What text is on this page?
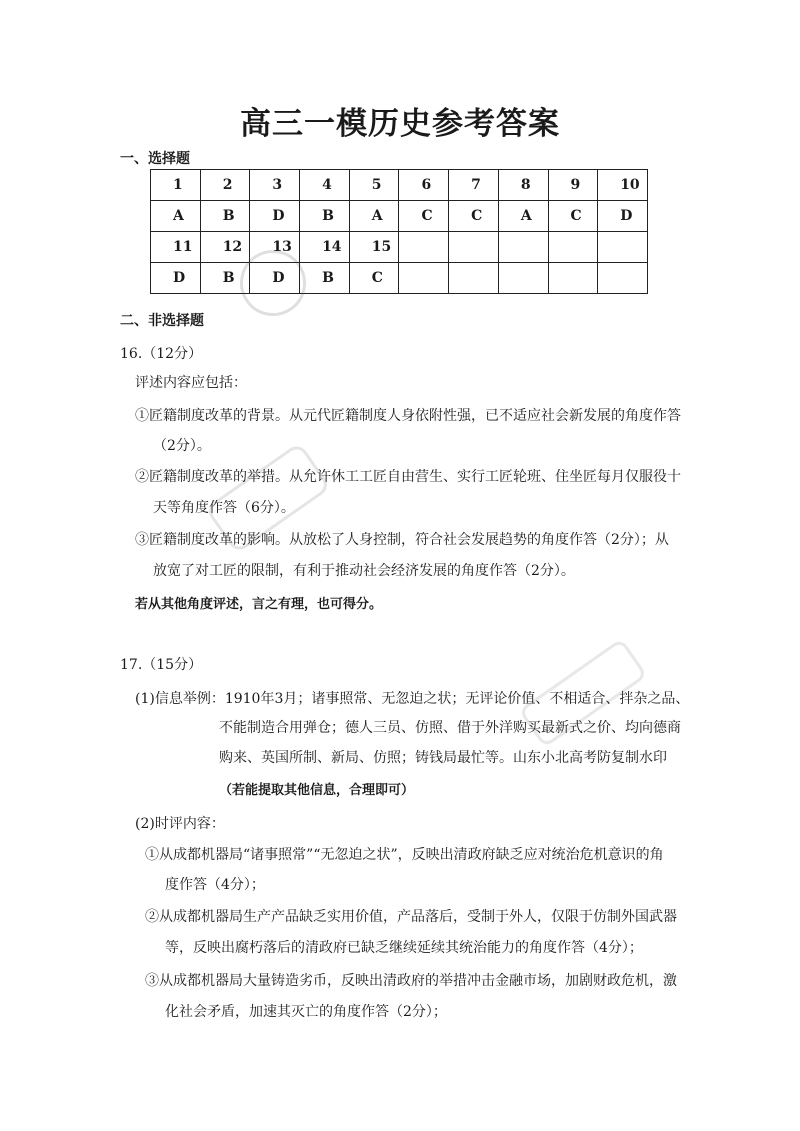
高三一模历史参考答案
一、选择题
1	2	3	4	5	6	7	8	9	10
A	B	D	B	A	C	C	A	C	D
11	12	13	14	15					
D	B	D	B	C					
二、非选择题
16.（12分）
评述内容应包括：
①匠籍制度改革的背景。从元代匠籍制度人身依附性强，已不适应社会新发展的角度作答
（2分）。
②匠籍制度改革的举措。从允许休工工匠自由营生、实行工匠轮班、住坐匠每月仅服役十
天等角度作答（6分）。
③匠籍制度改革的影响。从放松了人身控制，符合社会发展趋势的角度作答（2分）；从
放宽了对工匠的限制，有利于推动社会经济发展的角度作答（2分）。
若从其他角度评述，言之有理，也可得分。
17.（15分）
(1)信息举例：1910年3月；诸事照常、无忽迫之状；无评论价值、不相适合、拌杂之品、
不能制造合用弹仓；德人三员、仿照、借于外洋购买最新式之价、均向德商
购来、英国所制、新局、仿照；铸钱局最忙等。山东小北高考防复制水印
（若能提取其他信息，合理即可）
(2)时评内容：
①从成都机器局“诸事照常”“无忽迫之状”，反映出清政府缺乏应对统治危机意识的角
度作答（4分）；
②从成都机器局生产产品缺乏实用价值，产品落后，受制于外人，仅限于仿制外国武器
等，反映出腐朽落后的清政府已缺乏继续延续其统治能力的角度作答（4分）；
③从成都机器局大量铸造劣币，反映出清政府的举措冲击金融市场，加剧财政危机，激
化社会矛盾，加速其灭亡的角度作答（2分）；
